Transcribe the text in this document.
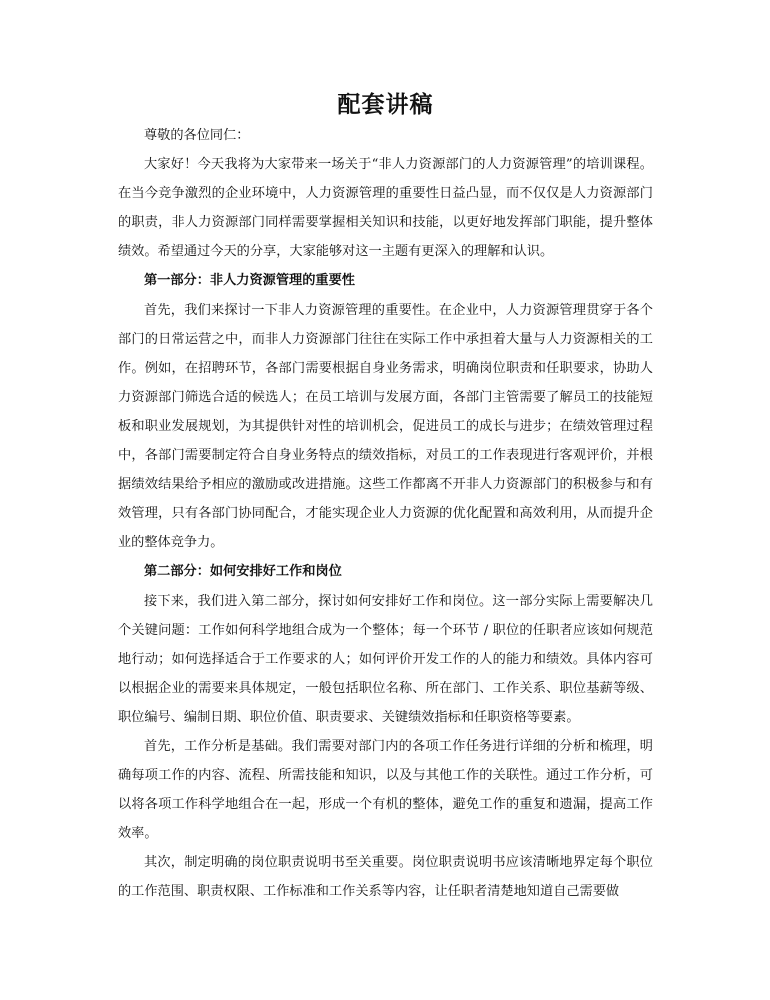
配套讲稿

尊敬的各位同仁：

大家好！今天我将为大家带来一场关于“非人力资源部门的人力资源管理”的培训课程。在当今竞争激烈的企业环境中，人力资源管理的重要性日益凸显，而不仅仅是人力资源部门的职责，非人力资源部门同样需要掌握相关知识和技能，以更好地发挥部门职能，提升整体绩效。希望通过今天的分享，大家能够对这一主题有更深入的理解和认识。

第一部分：非人力资源管理的重要性

首先，我们来探讨一下非人力资源管理的重要性。在企业中，人力资源管理贯穿于各个部门的日常运营之中，而非人力资源部门往往在实际工作中承担着大量与人力资源相关的工作。例如，在招聘环节，各部门需要根据自身业务需求，明确岗位职责和任职要求，协助人力资源部门筛选合适的候选人；在员工培训与发展方面，各部门主管需要了解员工的技能短板和职业发展规划，为其提供针对性的培训机会，促进员工的成长与进步；在绩效管理过程中，各部门需要制定符合自身业务特点的绩效指标，对员工的工作表现进行客观评价，并根据绩效结果给予相应的激励或改进措施。这些工作都离不开非人力资源部门的积极参与和有效管理，只有各部门协同配合，才能实现企业人力资源的优化配置和高效利用，从而提升企业的整体竞争力。

第二部分：如何安排好工作和岗位

接下来，我们进入第二部分，探讨如何安排好工作和岗位。这一部分实际上需要解决几个关键问题：工作如何科学地组合成为一个整体；每一个环节 / 职位的任职者应该如何规范地行动；如何选择适合于工作要求的人；如何评价开发工作的人的能力和绩效。具体内容可以根据企业的需要来具体规定，一般包括职位名称、所在部门、工作关系、职位基薪等级、职位编号、编制日期、职位价值、职责要求、关键绩效指标和任职资格等要素。

首先，工作分析是基础。我们需要对部门内的各项工作任务进行详细的分析和梳理，明确每项工作的内容、流程、所需技能和知识，以及与其他工作的关联性。通过工作分析，可以将各项工作科学地组合在一起，形成一个有机的整体，避免工作的重复和遗漏，提高工作效率。

其次，制定明确的岗位职责说明书至关重要。岗位职责说明书应该清晰地界定每个职位的工作范围、职责权限、工作标准和工作关系等内容，让任职者清楚地知道自己需要做
